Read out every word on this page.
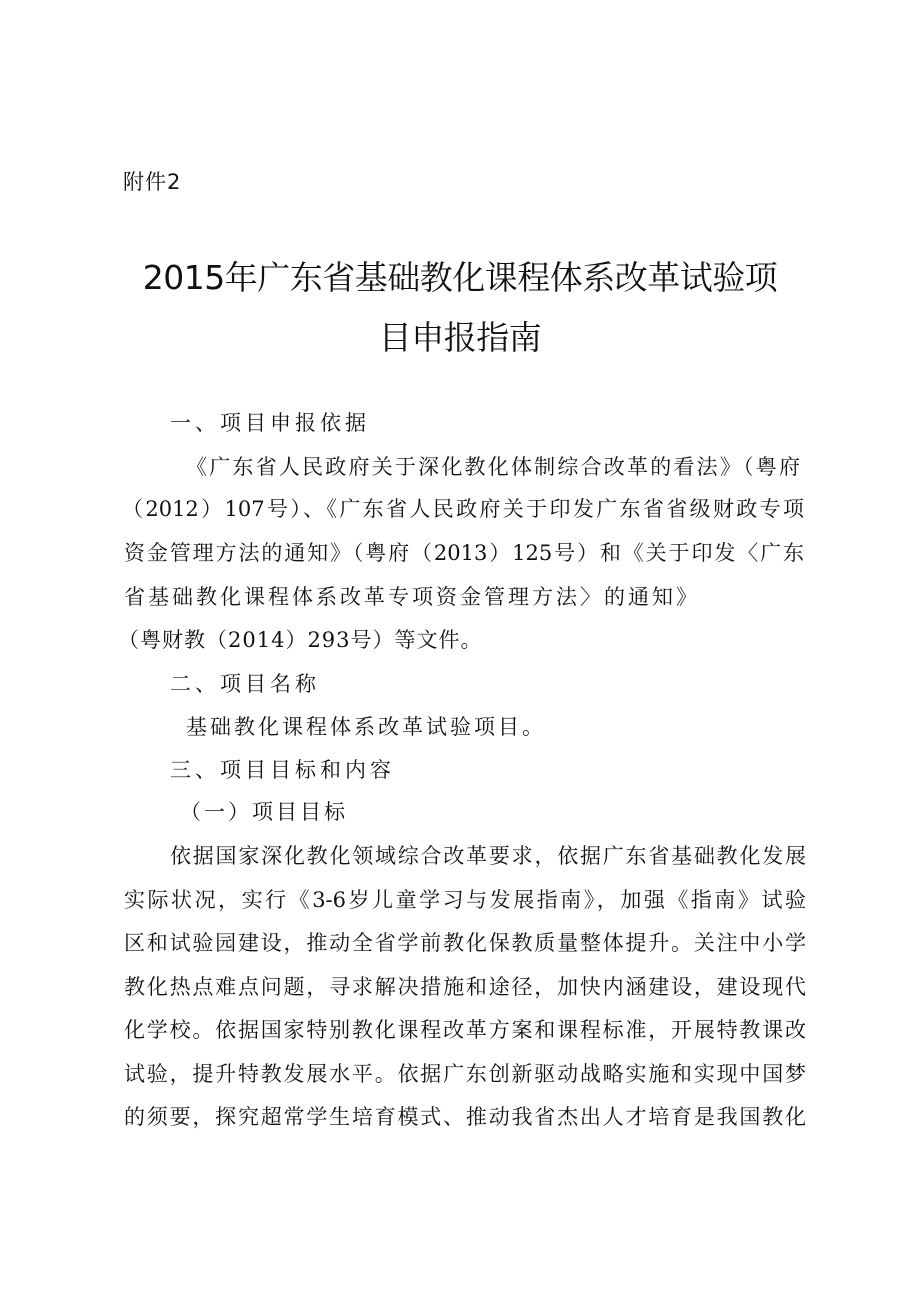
附件2
2015年广东省基础教化课程体系改革试验项
目申报指南
一、项目申报依据
《广东省人民政府关于深化教化体制综合改革的看法》（粤府
（2012）107号）、《广东省人民政府关于印发广东省省级财政专项
资金管理方法的通知》（粤府（2013）125号）和《关于印发〈广东
省基础教化课程体系改革专项资金管理方法〉的通知》
（粤财教（2014）293号）等文件。
二、项目名称
基础教化课程体系改革试验项目。
三、项目目标和内容
（一）项目目标
依据国家深化教化领域综合改革要求，依据广东省基础教化发展
实际状况，实行《3-6岁儿童学习与发展指南》，加强《指南》试验
区和试验园建设，推动全省学前教化保教质量整体提升。关注中小学
教化热点难点问题，寻求解决措施和途径，加快内涵建设，建设现代
化学校。依据国家特别教化课程改革方案和课程标准，开展特教课改
试验，提升特教发展水平。依据广东创新驱动战略实施和实现中国梦
的须要，探究超常学生培育模式、推动我省杰出人才培育是我国教化
